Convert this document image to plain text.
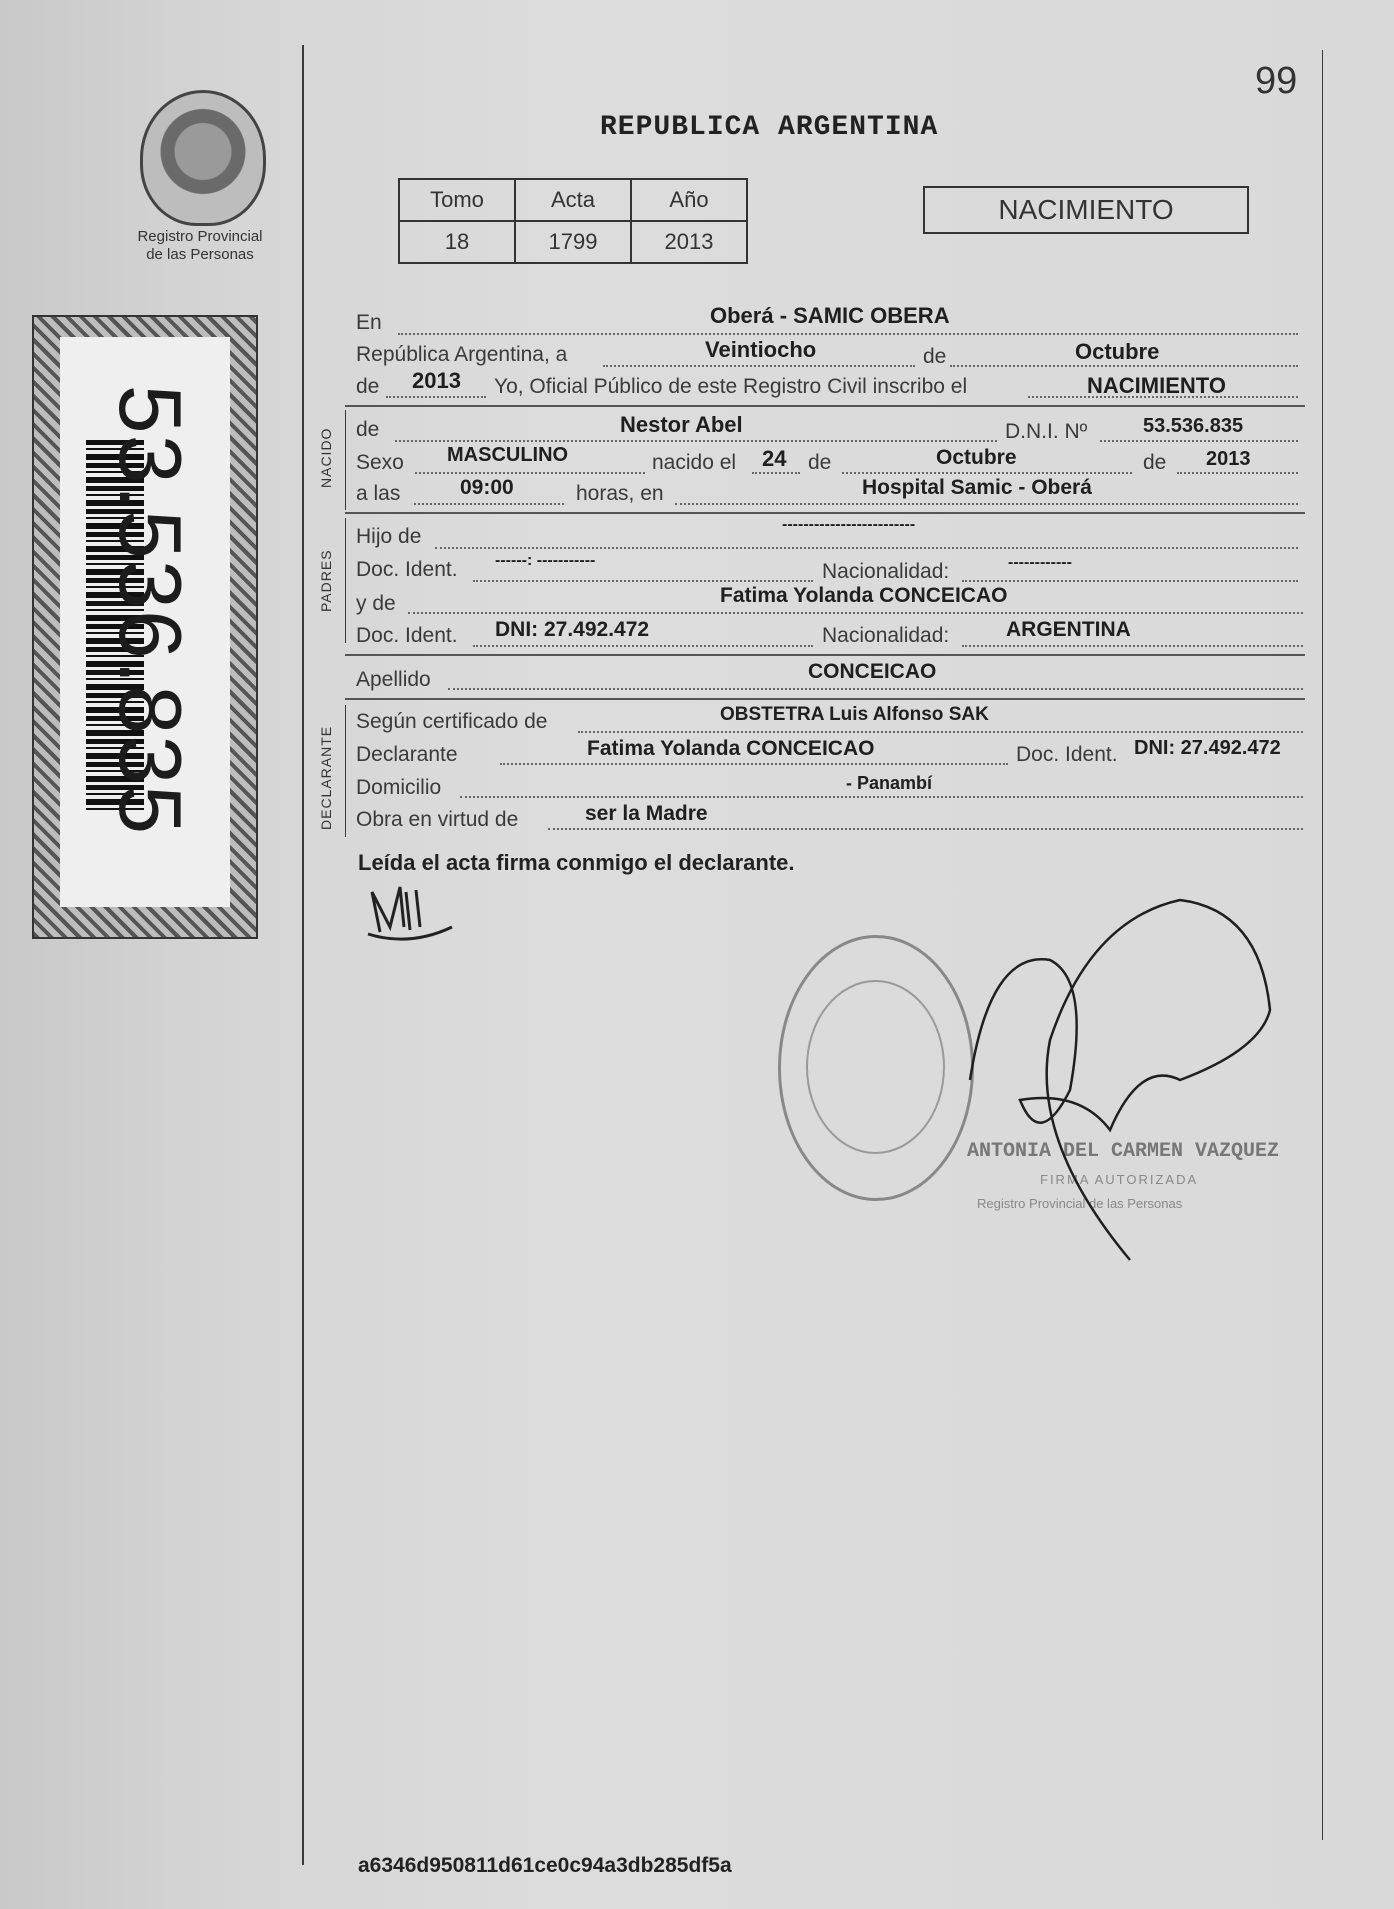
Registro Provincial
de las Personas
53.536.835
99
REPUBLICA ARGENTINA
Tomo	Acta	Año
18	1799	2013
NACIMIENTO
En	Oberá - SAMIC OBERA
República Argentina, a	Veintiocho	de	Octubre
de 2013 Yo, Oficial Público de este Registro Civil inscribo el	NACIMIENTO
NACIDO de	Nestor Abel	D.N.I. Nº	53.536.835
Sexo MASCULINO	nacido el 24 de	Octubre	de 2013
a las	09:00	horas, en	Hospital Samic - Oberá
PADRES
Hijo de
-------------------------
Doc. Ident. ------: -----------	Nacionalidad:	------------
y de	Fatima Yolanda CONCEICAO
Doc. Ident. DNI: 27.492.472	Nacionalidad:	ARGENTINA
Apellido	CONCEICAO
DECLARANTE
Según certificado de	OBSTETRA Luis Alfonso SAK
Declarante	Fatima Yolanda CONCEICAO	Doc. Ident. DNI: 27.492.472
Domicilio	- Panambí
Obra en virtud de	ser la Madre
Leída el acta firma conmigo el declarante.
ANTONIA DEL CARMEN VAZQUEZ
FIRMA AUTORIZADA
Registro Provincial de las Personas
a6346d950811d61ce0c94a3db285df5a
